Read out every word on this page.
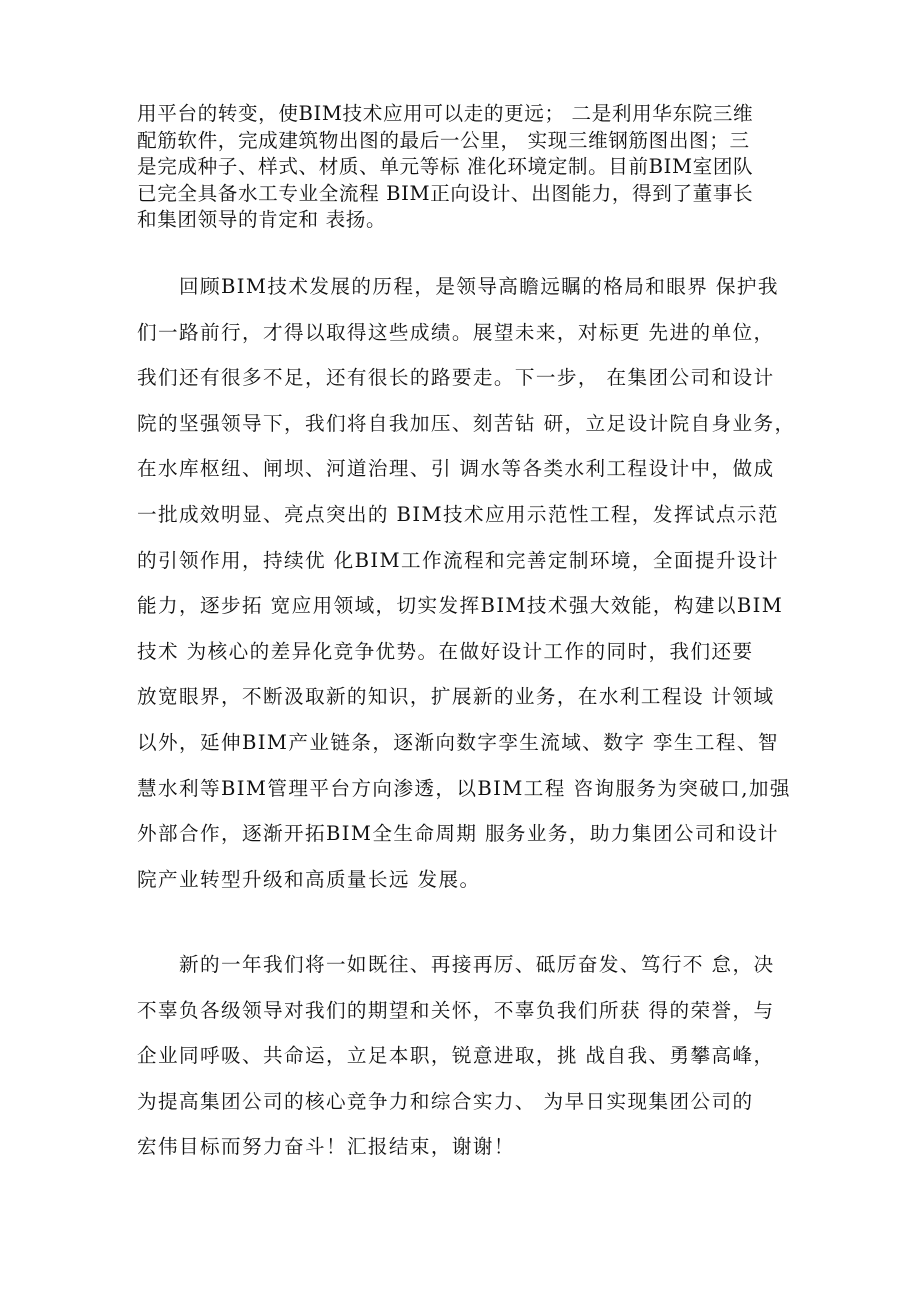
用平台的转变，使BIM技术应用可以走的更远； 二是利用华东院三维
配筋软件，完成建筑物出图的最后一公里， 实现三维钢筋图出图；三
是完成种子、样式、材质、单元等标 准化环境定制。目前BIM室团队
已完全具备水工专业全流程 BIM正向设计、出图能力，得到了董事长
和集团领导的肯定和 表扬。

　　回顾BIM技术发展的历程，是领导高瞻远瞩的格局和眼界 保护我
们一路前行，才得以取得这些成绩。展望未来，对标更 先进的单位，
我们还有很多不足，还有很长的路要走。下一步， 在集团公司和设计
院的坚强领导下，我们将自我加压、刻苦钻 研，立足设计院自身业务，
在水库枢纽、闸坝、河道治理、引 调水等各类水利工程设计中，做成
一批成效明显、亮点突出的 BIM技术应用示范性工程，发挥试点示范
的引领作用，持续优 化BIM工作流程和完善定制环境，全面提升设计
能力，逐步拓 宽应用领域，切实发挥BIM技术强大效能，构建以BIM
技术 为核心的差异化竞争优势。在做好设计工作的同时，我们还要
放宽眼界，不断汲取新的知识，扩展新的业务，在水利工程设 计领域
以外，延伸BIM产业链条，逐渐向数字孪生流域、数字 孪生工程、智
慧水利等BIM管理平台方向渗透，以BIM工程 咨询服务为突破口,加强
外部合作，逐渐开拓BIM全生命周期 服务业务，助力集团公司和设计
院产业转型升级和高质量长远 发展。

　　新的一年我们将一如既往、再接再厉、砥厉奋发、笃行不 怠，决
不辜负各级领导对我们的期望和关怀，不辜负我们所获 得的荣誉，与
企业同呼吸、共命运，立足本职，锐意进取，挑 战自我、勇攀高峰，
为提高集团公司的核心竞争力和综合实力、 为早日实现集团公司的
宏伟目标而努力奋斗！汇报结束，谢谢！
